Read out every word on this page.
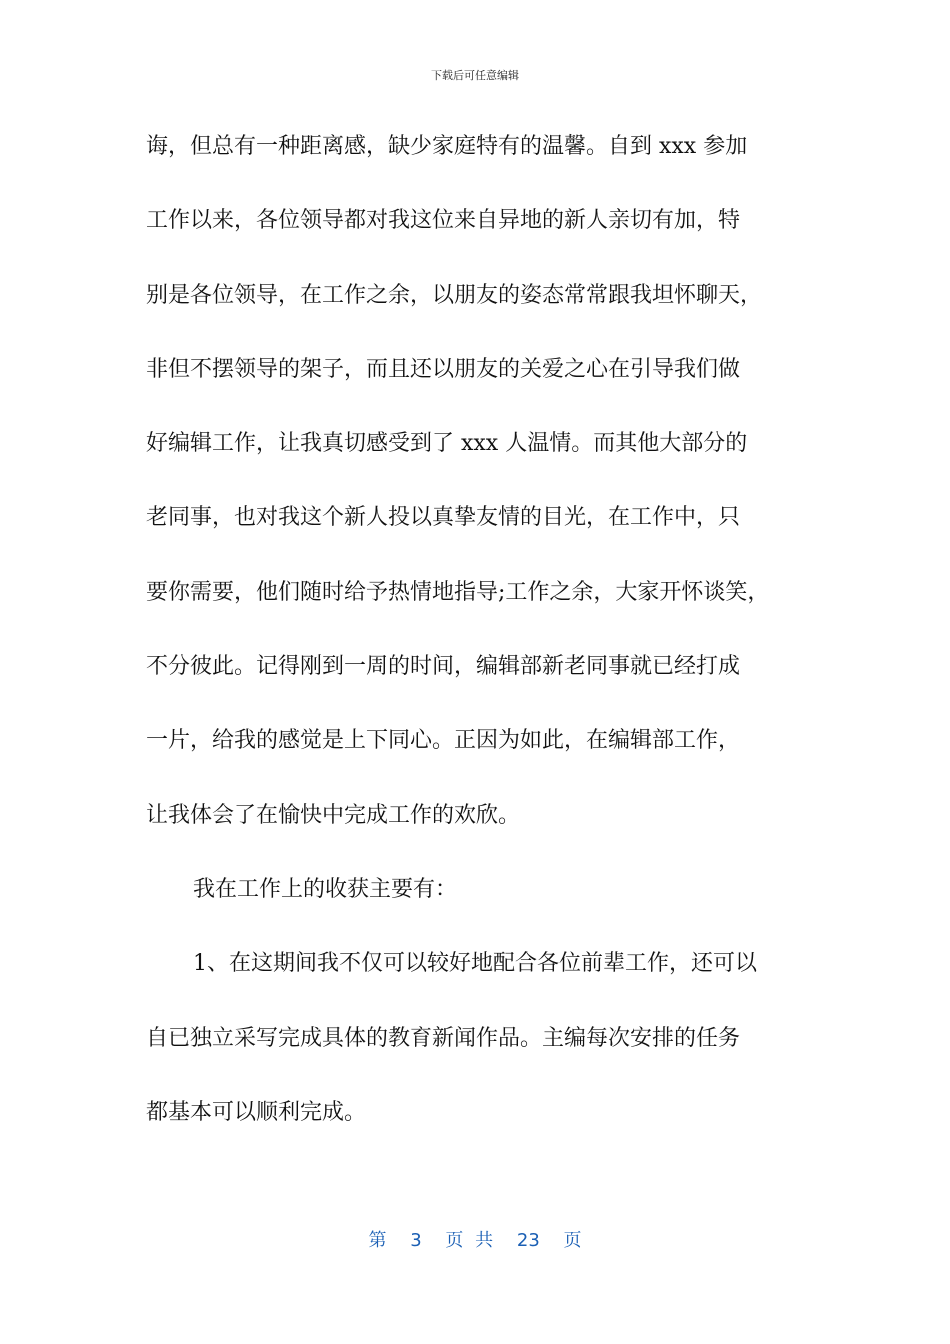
下载后可任意编辑
诲，但总有一种距离感，缺少家庭特有的温馨。自到 xxx 参加
工作以来，各位领导都对我这位来自异地的新人亲切有加，特
别是各位领导，在工作之余，以朋友的姿态常常跟我坦怀聊天，
非但不摆领导的架子，而且还以朋友的关爱之心在引导我们做
好编辑工作，让我真切感受到了 xxx 人温情。而其他大部分的
老同事，也对我这个新人投以真挚友情的目光，在工作中，只
要你需要，他们随时给予热情地指导;工作之余，大家开怀谈笑，
不分彼此。记得刚到一周的时间，编辑部新老同事就已经打成
一片，给我的感觉是上下同心。正因为如此，在编辑部工作，
让我体会了在愉快中完成工作的欢欣。
我在工作上的收获主要有：
1、在这期间我不仅可以较好地配合各位前辈工作，还可以
自已独立采写完成具体的教育新闻作品。主编每次安排的任务
都基本可以顺利完成。
第 3 页 共 23 页
